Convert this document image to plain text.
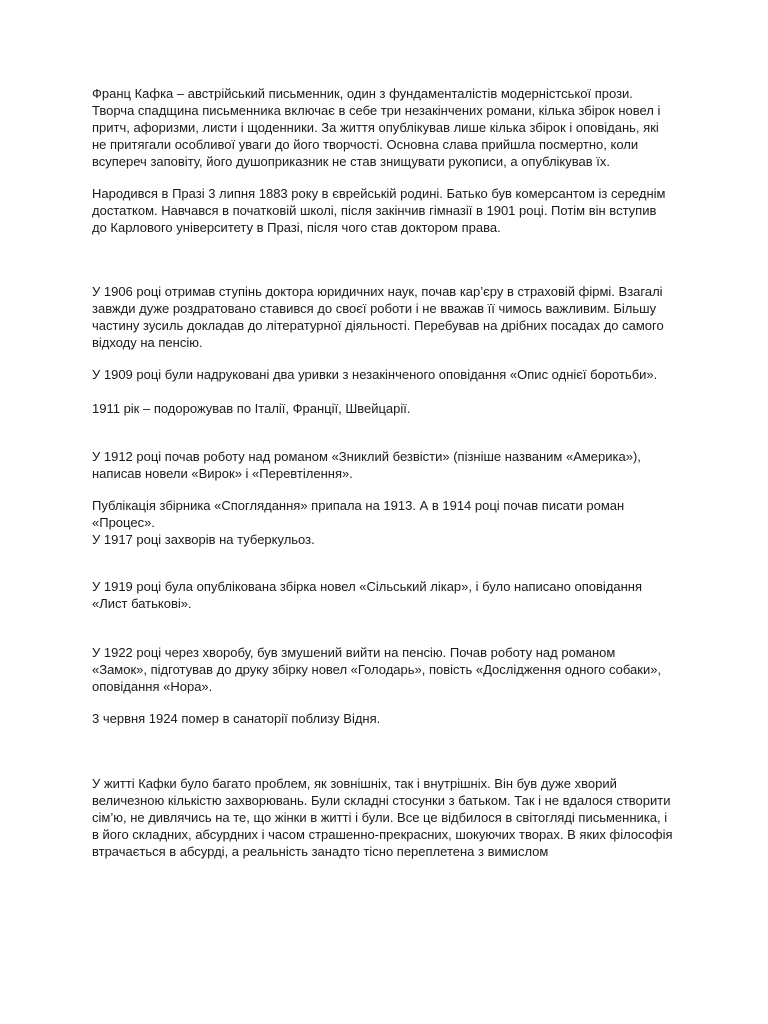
Франц Кафка – австрійський письменник, один з фундаменталістів модерністської прози.
Творча спадщина письменника включає в себе три незакінчених романи, кілька збірок новел і
притч, афоризми, листи і щоденники. За життя опублікував лише кілька збірок і оповідань, які
не притягали особливої уваги до його творчості. Основна слава прийшла посмертно, коли
всупереч заповіту, його душоприказник не став знищувати рукописи, а опублікував їх.

Народився в Празі 3 липня 1883 року в єврейській родині. Батько був комерсантом із середнім
достатком. Навчався в початковій школі, після закінчив гімназії в 1901 році. Потім він вступив
до Карлового університету в Празі, після чого став доктором права.

У 1906 році отримав ступінь доктора юридичних наук, почав кар’єру в страховій фірмі. Взагалі
завжди дуже роздратовано ставився до своєї роботи і не вважав її чимось важливим. Більшу
частину зусиль докладав до літературної діяльності. Перебував на дрібних посадах до самого
відходу на пенсію.

У 1909 році були надруковані два уривки з незакінченого оповідання «Опис однієї боротьби».

1911 рік – подорожував по Італії, Франції, Швейцарії.

У 1912 році почав роботу над романом «Зниклий безвісти» (пізніше названим «Америка»),
написав новели «Вирок» і «Перевтілення».

Публікація збірника «Споглядання» припала на 1913. А в 1914 році почав писати роман
«Процес».
У 1917 році захворів на туберкульоз.

У 1919 році була опублікована збірка новел «Сільський лікар», і було написано оповідання
«Лист батькові».

У 1922 році через хворобу, був змушений вийти на пенсію. Почав роботу над романом
«Замок», підготував до друку збірку новел «Голодарь», повість «Дослідження одного собаки»,
оповідання «Нора».

3 червня 1924 помер в санаторії поблизу Відня.

У житті Кафки було багато проблем, як зовнішніх, так і внутрішніх. Він був дуже хворий
величезною кількістю захворювань. Були складні стосунки з батьком. Так і не вдалося створити
сім’ю, не дивлячись на те, що жінки в житті і були. Все це відбилося в світогляді письменника, і
в його складних, абсурдних і часом страшенно-прекрасних, шокуючих творах. В яких філософія
втрачається в абсурді, а реальність занадто тісно переплетена з вимислом
